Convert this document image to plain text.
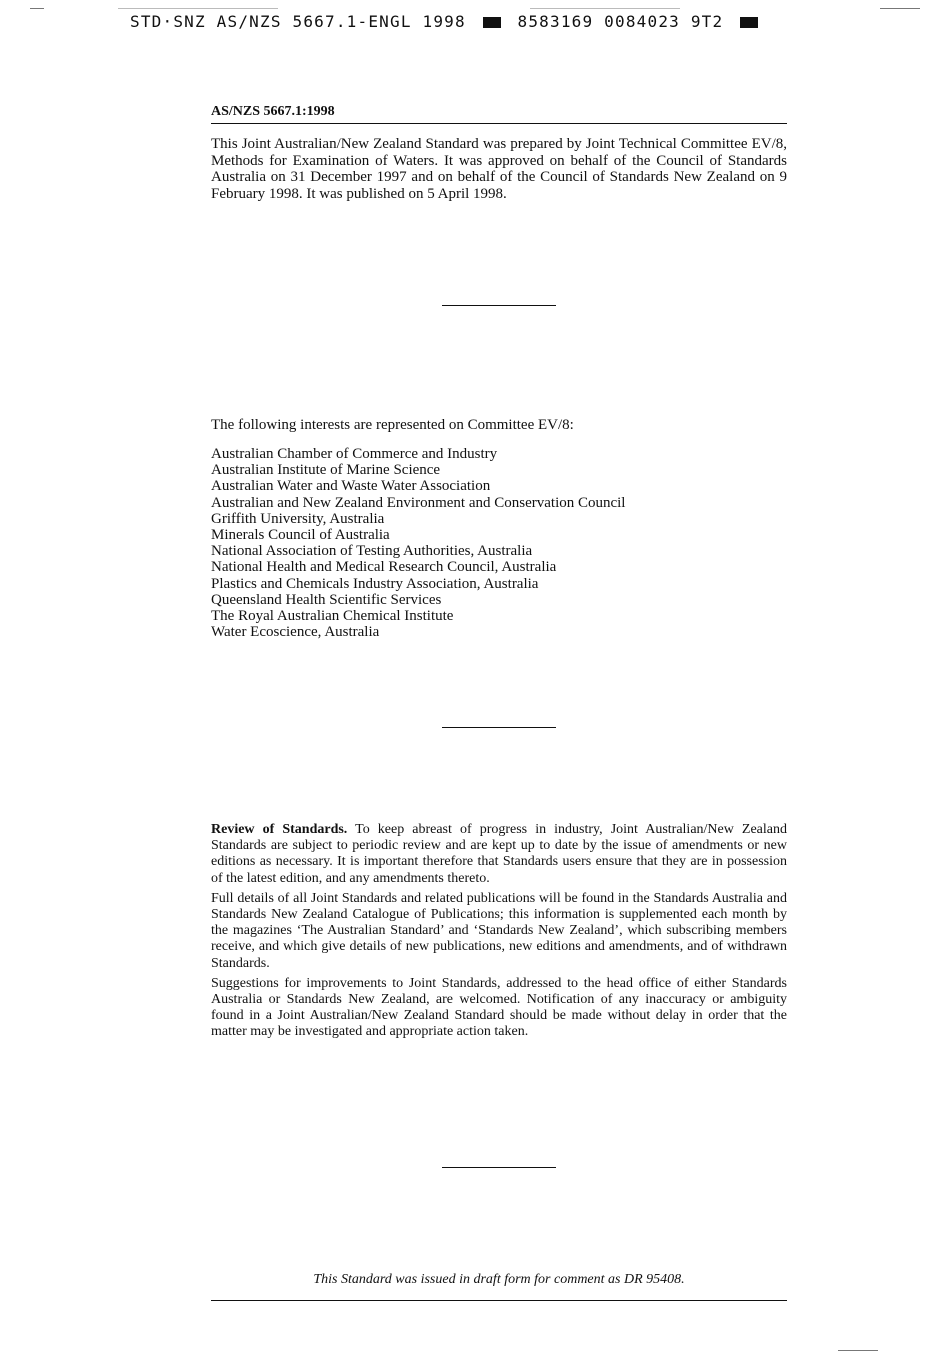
STD·SNZ AS/NZS 5667.1-ENGL 1998	8583169 0084023 9T2
AS/NZS 5667.1:1998

This Joint Australian/New Zealand Standard was prepared by Joint Technical Committee EV/8, Methods for Examination of Waters. It was approved on behalf of the Council of Standards Australia on 31 December 1997 and on behalf of the Council of Standards New Zealand on 9 February 1998. It was published on 5 April 1998.

The following interests are represented on Committee EV/8:

Australian Chamber of Commerce and Industry
Australian Institute of Marine Science
Australian Water and Waste Water Association
Australian and New Zealand Environment and Conservation Council
Griffith University, Australia
Minerals Council of Australia
National Association of Testing Authorities, Australia
National Health and Medical Research Council, Australia
Plastics and Chemicals Industry Association, Australia
Queensland Health Scientific Services
The Royal Australian Chemical Institute
Water Ecoscience, Australia

Review of Standards. To keep abreast of progress in industry, Joint Australian/New Zealand Standards are subject to periodic review and are kept up to date by the issue of amendments or new editions as necessary. It is important therefore that Standards users ensure that they are in possession of the latest edition, and any amendments thereto.

Full details of all Joint Standards and related publications will be found in the Standards Australia and Standards New Zealand Catalogue of Publications; this information is supplemented each month by the magazines ‘The Australian Standard’ and ‘Standards New Zealand’, which subscribing members receive, and which give details of new publications, new editions and amendments, and of withdrawn Standards.

Suggestions for improvements to Joint Standards, addressed to the head office of either Standards Australia or Standards New Zealand, are welcomed. Notification of any inaccuracy or ambiguity found in a Joint Australian/New Zealand Standard should be made without delay in order that the matter may be investigated and appropriate action taken.

This Standard was issued in draft form for comment as DR 95408.
